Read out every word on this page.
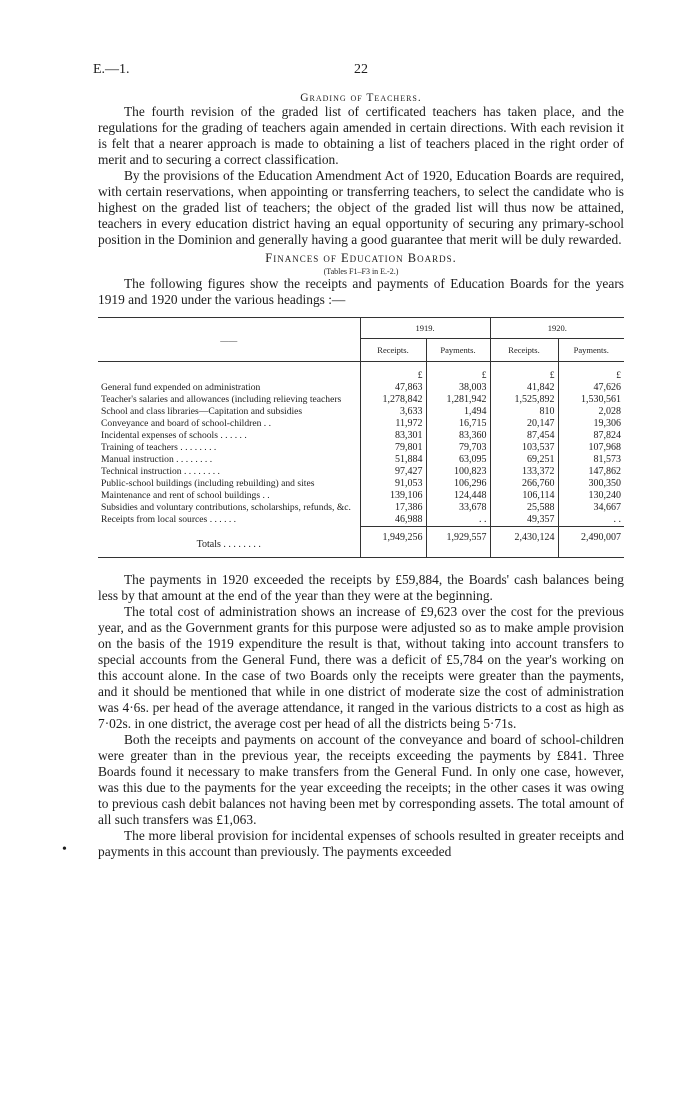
E.—1.	22
Grading of Teachers.

The fourth revision of the graded list of certificated teachers has taken place, and the regulations for the grading of teachers again amended in certain directions. With each revision it is felt that a nearer approach is made to obtaining a list of teachers placed in the right order of merit and to securing a correct classification.

By the provisions of the Education Amendment Act of 1920, Education Boards are required, with certain reservations, when appointing or transferring teachers, to select the candidate who is highest on the graded list of teachers; the object of the graded list will thus now be attained, teachers in every education district having an equal opportunity of securing any primary-school position in the Dominion and generally having a good guarantee that merit will be duly rewarded.

Finances of Education Boards.
(Tables F1–F3 in E.-2.)

The following figures show the receipts and payments of Education Boards for the years 1919 and 1920 under the various headings :—

——	1919.		1920.	
	Receipts.	Payments.	Receipts.	Payments.
	£	£	£	£
General fund expended on administration	47,863	38,003	41,842	47,626
Teacher's salaries and allowances (including relieving teachers	1,278,842	1,281,942	1,525,892	1,530,561
School and class libraries—Capitation and subsidies	3,633	1,494	810	2,028
Conveyance and board of school-children . .	11,972	16,715	20,147	19,306
Incidental expenses of schools . . . . . .	83,301	83,360	87,454	87,824
Training of teachers . . . . . . . .	79,801	79,703	103,537	107,968
Manual instruction . . . . . . . .	51,884	63,095	69,251	81,573
Technical instruction . . . . . . . .	97,427	100,823	133,372	147,862
Public-school buildings (including rebuilding) and sites	91,053	106,296	266,760	300,350
Maintenance and rent of school buildings . .	139,106	124,448	106,114	130,240
Subsidies and voluntary contributions, scholarships, refunds, &c.	17,386	33,678	25,588	34,667
Receipts from local sources . . . . . .	46,988	. .	49,357	. .
Totals . . . . . . . .	1,949,256	1,929,557	2,430,124	2,490,007

The payments in 1920 exceeded the receipts by £59,884, the Boards' cash balances being less by that amount at the end of the year than they were at the beginning.

The total cost of administration shows an increase of £9,623 over the cost for the previous year, and as the Government grants for this purpose were adjusted so as to make ample provision on the basis of the 1919 expenditure the result is that, without taking into account transfers to special accounts from the General Fund, there was a deficit of £5,784 on the year's working on this account alone. In the case of two Boards only the receipts were greater than the payments, and it should be mentioned that while in one district of moderate size the cost of administration was 4·6s. per head of the average attendance, it ranged in the various districts to a cost as high as 7·02s. in one district, the average cost per head of all the districts being 5·71s.

•
Both the receipts and payments on account of the conveyance and board of school-children were greater than in the previous year, the receipts exceeding the payments by £841. Three Boards found it necessary to make transfers from the General Fund. In only one case, however, was this due to the payments for the year exceeding the receipts; in the other cases it was owing to previous cash debit balances not having been met by corresponding assets. The total amount of all such transfers was £1,063.

The more liberal provision for incidental expenses of schools resulted in greater receipts and payments in this account than previously. The payments exceeded
